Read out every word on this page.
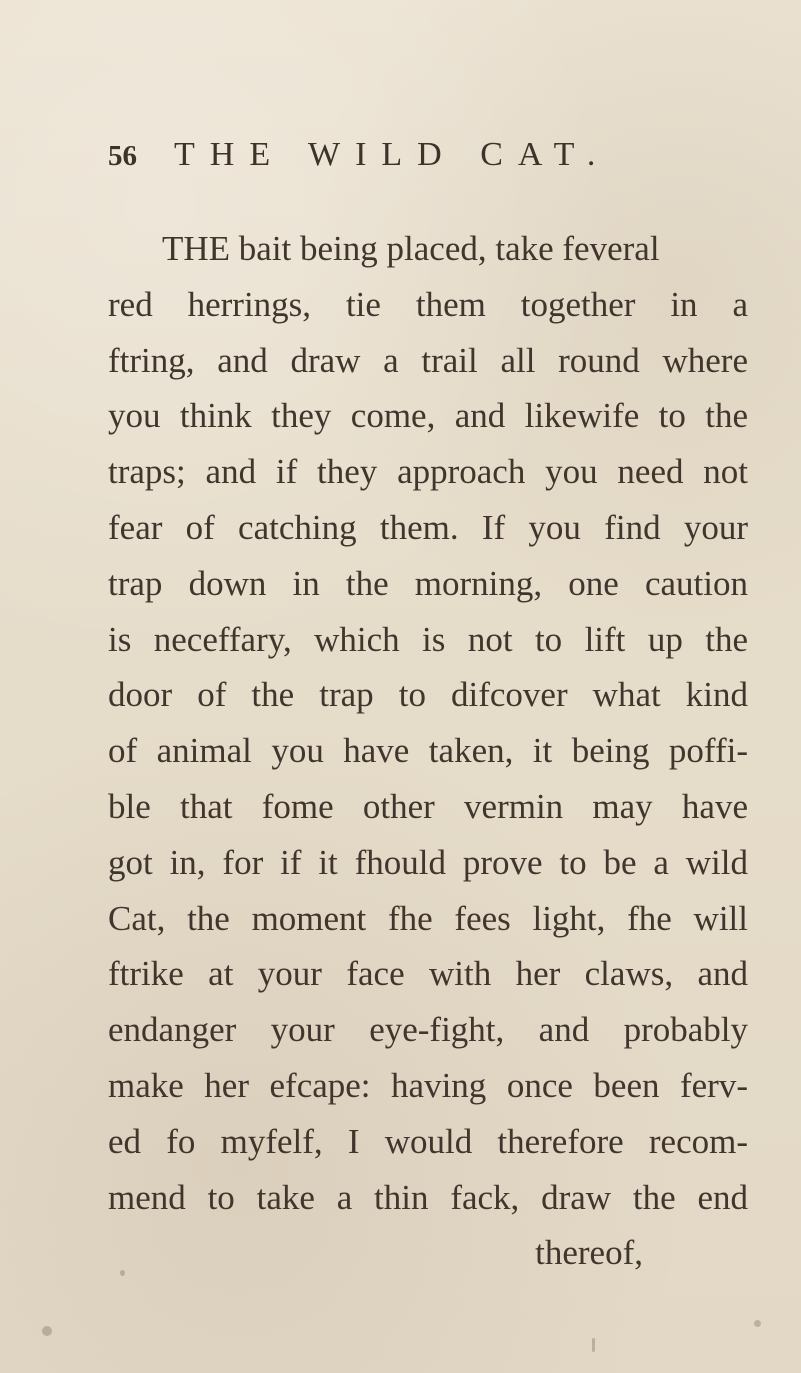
56	THE WILD CAT.
THE bait being placed, take feveral
red herrings, tie them together in a
ftring, and draw a trail all round where
you think they come, and likewife to the
traps; and if they approach you need not
fear of catching them. If you find your
trap down in the morning, one caution
is neceffary, which is not to lift up the
door of the trap to difcover what kind
of animal you have taken, it being poffi-
ble that fome other vermin may have
got in, for if it fhould prove to be a wild
Cat, the moment fhe fees light, fhe will
ftrike at your face with her claws, and
endanger your eye-fight, and probably
make her efcape: having once been ferv-
ed fo myfelf, I would therefore recom-
mend to take a thin fack, draw the end
thereof,
